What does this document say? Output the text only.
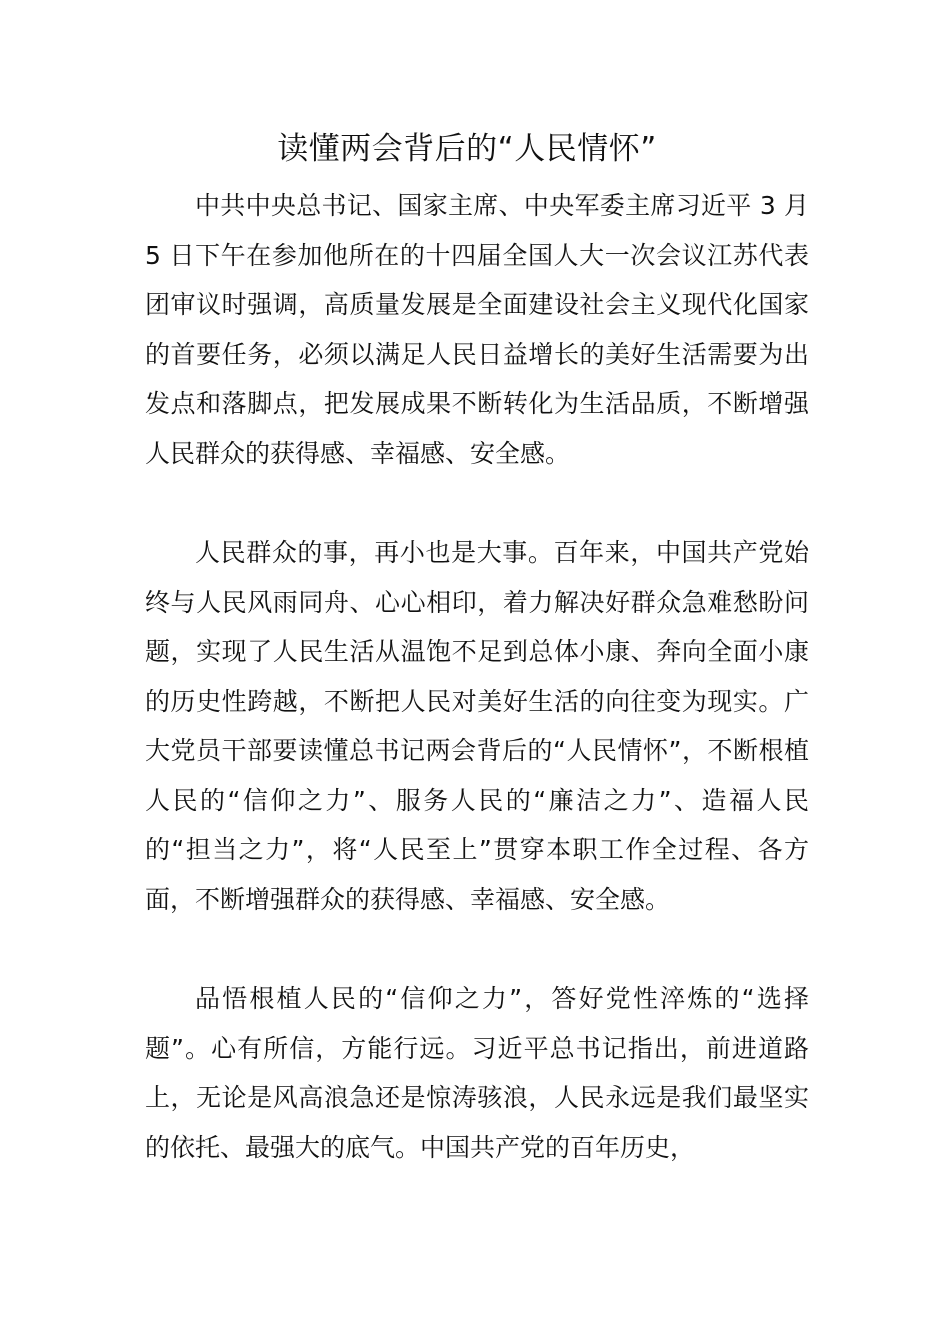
读懂两会背后的“人民情怀”

中共中央总书记、国家主席、中央军委主席习近平 3 月 5 日下午在参加他所在的十四届全国人大一次会议江苏代表团审议时强调，高质量发展是全面建设社会主义现代化国家的首要任务，必须以满足人民日益增长的美好生活需要为出发点和落脚点，把发展成果不断转化为生活品质，不断增强人民群众的获得感、幸福感、安全感。

人民群众的事，再小也是大事。百年来，中国共产党始终与人民风雨同舟、心心相印，着力解决好群众急难愁盼问题，实现了人民生活从温饱不足到总体小康、奔向全面小康的历史性跨越，不断把人民对美好生活的向往变为现实。广大党员干部要读懂总书记两会背后的“人民情怀”，不断根植人民的“信仰之力”、服务人民的“廉洁之力”、造福人民的“担当之力”，将“人民至上”贯穿本职工作全过程、各方面，不断增强群众的获得感、幸福感、安全感。

品悟根植人民的“信仰之力”，答好党性淬炼的“选择题”。心有所信，方能行远。习近平总书记指出，前进道路上，无论是风高浪急还是惊涛骇浪，人民永远是我们最坚实的依托、最强大的底气。中国共产党的百年历史，
